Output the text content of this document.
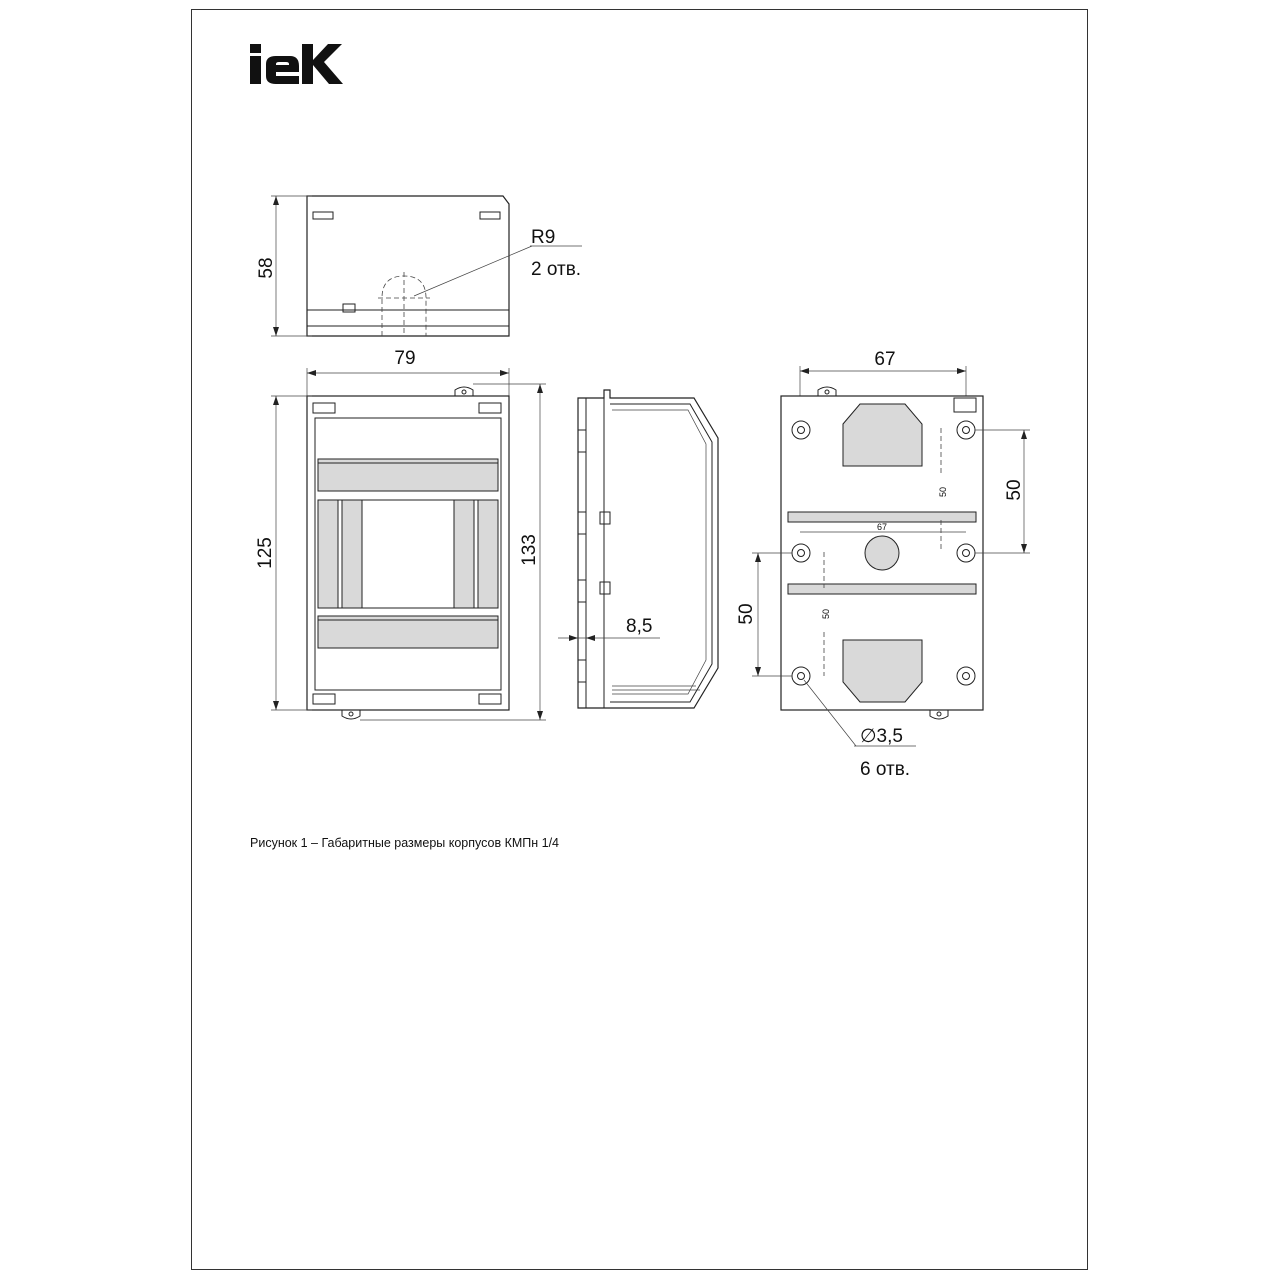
R9
2 отв.
58
79
125	133
8,5
67
50
50
67
50
50
∅3,5
6 отв.
Рисунок 1 – Габаритные размеры корпусов КМПн 1/4
